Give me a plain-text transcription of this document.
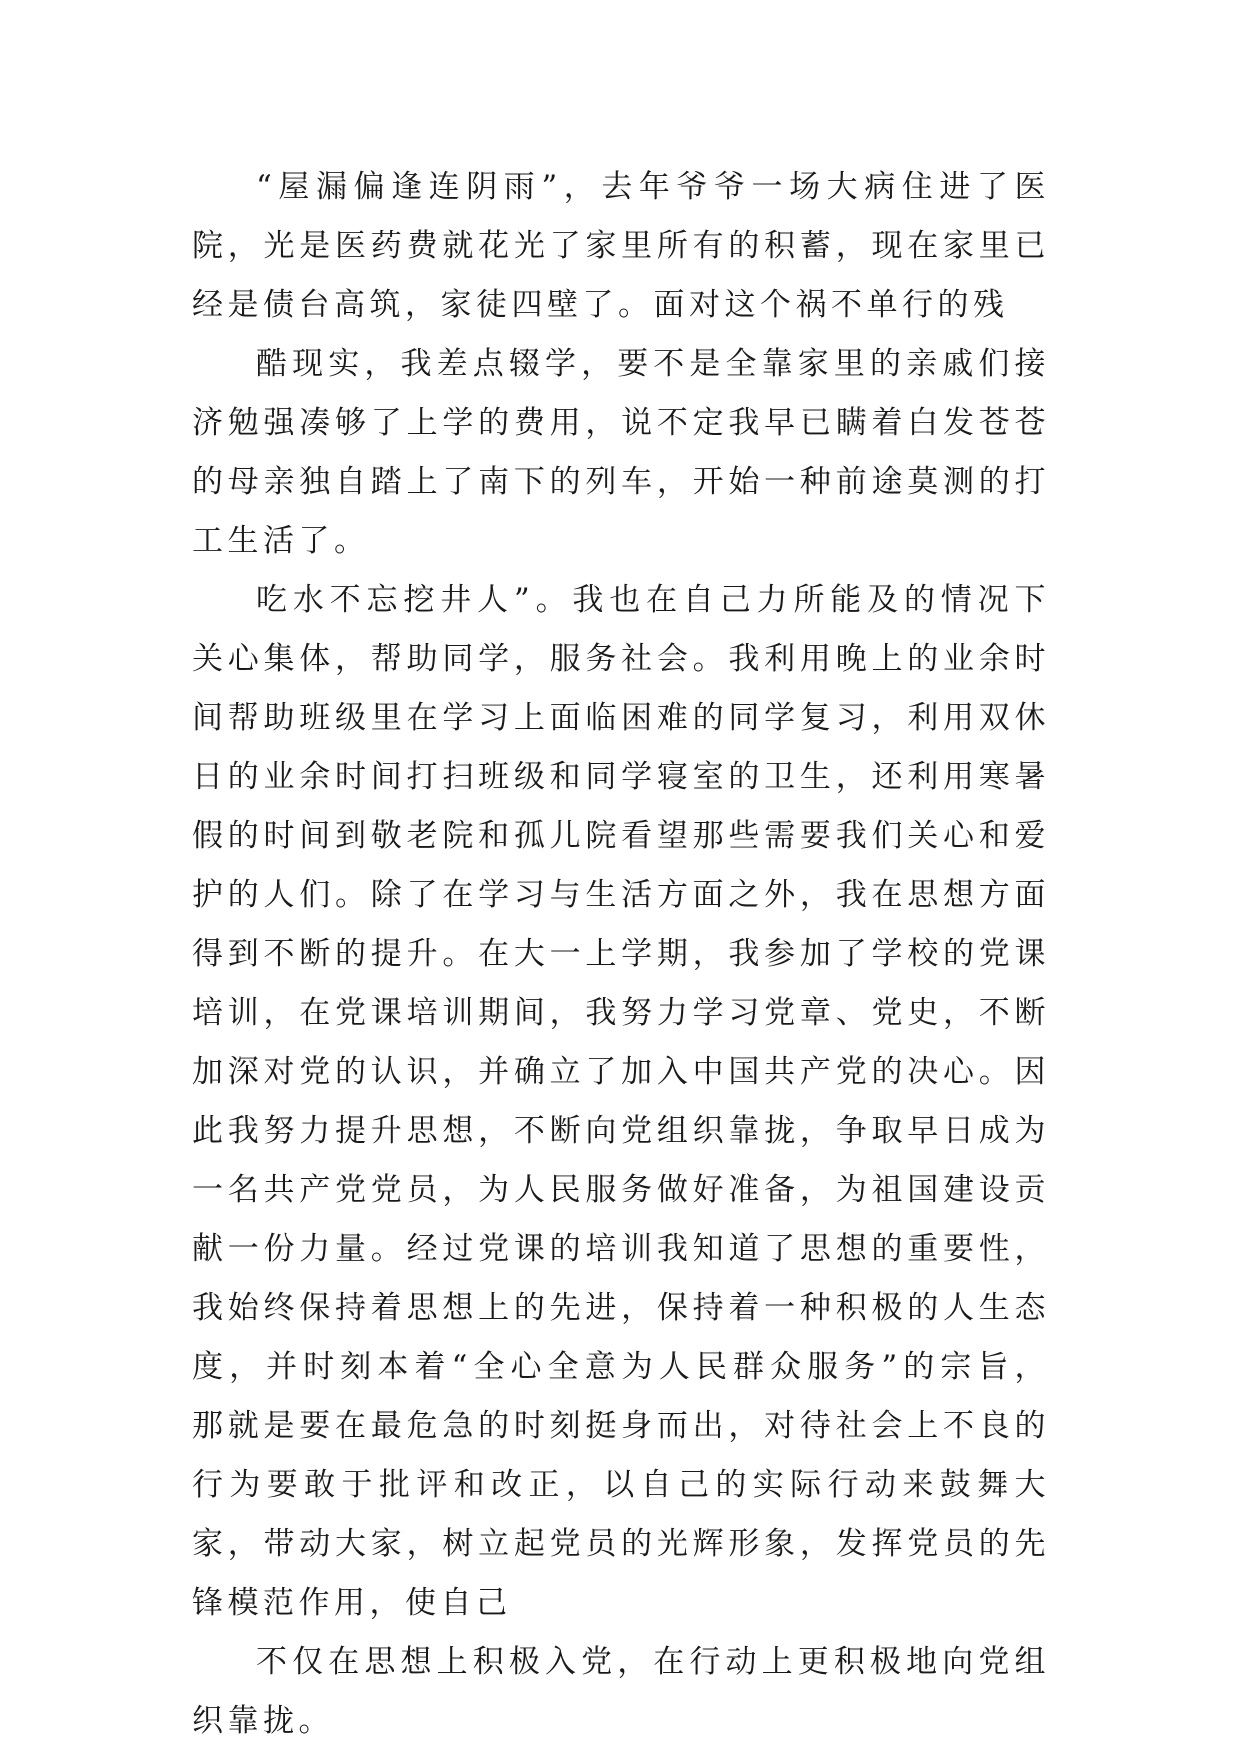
“屋漏偏逢连阴雨”，去年爷爷一场大病住进了医院，光是医药费就花光了家里所有的积蓄，现在家里已经是债台高筑，家徒四壁了。面对这个祸不单行的残

酷现实，我差点辍学，要不是全靠家里的亲戚们接济勉强凑够了上学的费用，说不定我早已瞒着白发苍苍的母亲独自踏上了南下的列车，开始一种前途莫测的打工生活了。

吃水不忘挖井人”。我也在自己力所能及的情况下关心集体，帮助同学，服务社会。我利用晚上的业余时间帮助班级里在学习上面临困难的同学复习，利用双休日的业余时间打扫班级和同学寝室的卫生，还利用寒暑假的时间到敬老院和孤儿院看望那些需要我们关心和爱护的人们。除了在学习与生活方面之外，我在思想方面得到不断的提升。在大一上学期，我参加了学校的党课培训，在党课培训期间，我努力学习党章、党史，不断加深对党的认识，并确立了加入中国共产党的决心。因此我努力提升思想，不断向党组织靠拢，争取早日成为一名共产党党员，为人民服务做好准备，为祖国建设贡献一份力量。经过党课的培训我知道了思想的重要性，我始终保持着思想上的先进，保持着一种积极的人生态度，并时刻本着“全心全意为人民群众服务”的宗旨， 那就是要在最危急的时刻挺身而出，对待社会上不良的行为要敢于批评和改正，以自己的实际行动来鼓舞大家，带动大家，树立起党员的光辉形象，发挥党员的先锋模范作用，使自己

不仅在思想上积极入党，在行动上更积极地向党组织靠拢。
